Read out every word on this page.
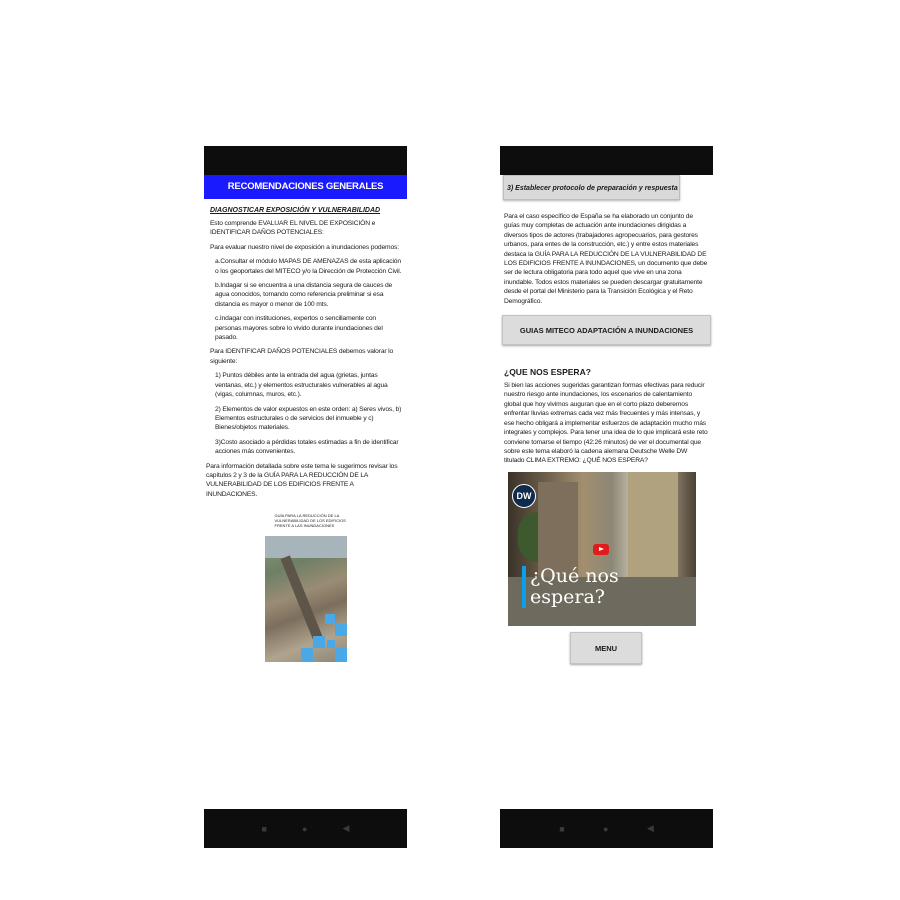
RECOMENDACIONES GENERALES
DIAGNOSTICAR EXPOSICIÓN Y VULNERABILIDAD
Esto comprende EVALUAR EL NIVEL DE EXPOSICIÓN e IDENTIFICAR DAÑOS POTENCIALES:
Para evaluar nuestro nivel de exposición a inundaciones podemos:
a.Consultar el módulo MAPAS DE AMENAZAS de esta aplicación o los geoportales del MITECO y/o la Dirección de Protección Civil.
b.Indagar si se encuentra a una distancia segura de cauces de agua conocidos, tomando como referencia preliminar si esa distancia es mayor o menor de 100 mts.
c.Indagar con instituciones, expertos o sencillamente con personas mayores sobre lo vivido durante inundaciones del pasado.
Para IDENTIFICAR DAÑOS POTENCIALES debemos valorar lo siguiente:
1) Puntos débiles ante la entrada del agua (grietas, juntas ventanas, etc.) y elementos estructurales vulnerables al agua (vigas, columnas, muros, etc.).
2) Elementos de valor expuestos en este orden: a) Seres vivos, b) Elementos estructurales o de servicios del inmueble y c) Bienes/objetos materiales.
3)Costo asociado a pérdidas totales estimadas a fin de identificar acciones más convenientes.
Para información detallada sobre este tema le sugerimos revisar los capítulos 2 y 3 de la GUÍA PARA LA REDUCCIÓN DE LA VULNERABILIDAD DE LOS EDIFICIOS FRENTE A INUNDACIONES.
GUÍA PARA LA REDUCCIÓN DE LA VULNERABILIDAD DE LOS EDIFICIOS FRENTE A LAS INUNDACIONES
■	●	◀
3) Establecer protocolo de preparación y respuesta
Para el caso específico de España se ha elaborado un conjunto de guías muy completas de actuación ante inundaciones dirigidas a diversos tipos de actores (trabajadores agropecuarios, para gestores urbanos, para entes de la construcción, etc.) y entre estos materiales destaca la GUÍA PARA LA REDUCCIÓN DE LA VULNERABILIDAD DE LOS EDIFICIOS FRENTE A INUNDACIONES, un documento que debe ser de lectura obligatoria para todo aquel que vive en una zona inundable. Todos estos materiales se pueden descargar gratuitamente desde el portal del Ministerio para la Transición Ecológica y el Reto Demográfico.
GUIAS MITECO ADAPTACIÓN A INUNDACIONES
¿QUE NOS ESPERA?
Si bien las acciones sugeridas garantizan formas efectivas para reducir nuestro riesgo ante inundaciones, los escenarios de calentamiento global que hoy vivimos auguran que en el corto plazo deberemos enfrentar lluvias extremas cada vez más frecuentes y más intensas, y ese hecho obligará a implementar esfuerzos de adaptación mucho más integrales y complejos. Para tener una idea de lo que implicará este reto conviene tomarse el tiempo (42:26 minutos) de ver el documental que sobre este tema elaboró la cadena alemana Deutsche Welle DW titulado CLIMA EXTREMO: ¿QUÉ NOS ESPERA?
DW
¿Qué nos espera?
MENU
■	●	◀
